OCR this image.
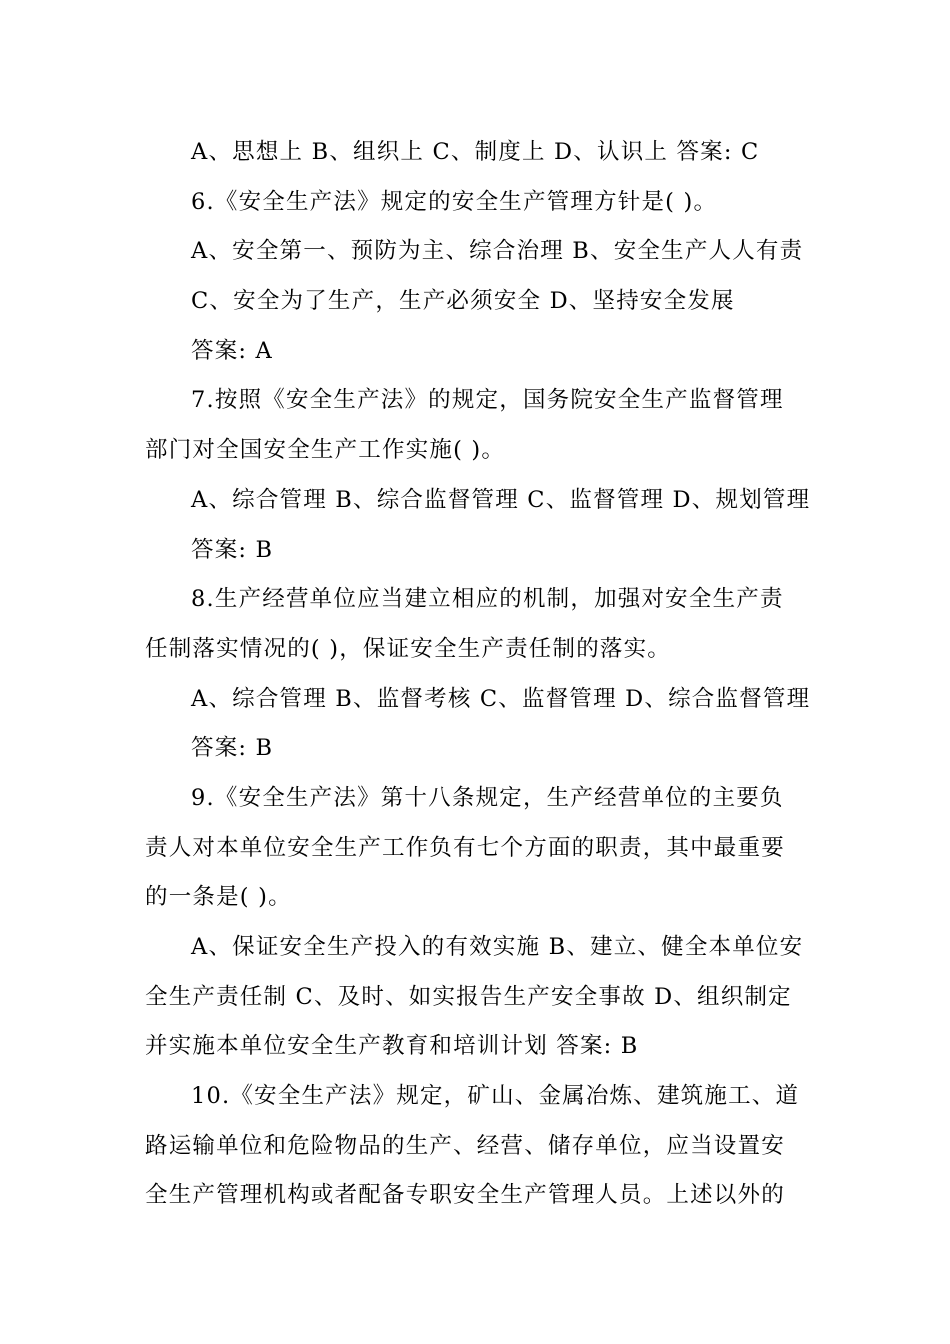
A、思想上 B、组织上 C、制度上 D、认识上 答案: C
6.《安全生产法》规定的安全生产管理方针是( )。
A、安全第一、预防为主、综合治理 B、安全生产人人有责
C、安全为了生产，生产必须安全 D、坚持安全发展
答案: A
7.按照《安全生产法》的规定，国务院安全生产监督管理
部门对全国安全生产工作实施( )。
A、综合管理 B、综合监督管理 C、监督管理 D、规划管理
答案: B
8.生产经营单位应当建立相应的机制，加强对安全生产责
任制落实情况的( )，保证安全生产责任制的落实。
A、综合管理 B、监督考核 C、监督管理 D、综合监督管理
答案: B
9.《安全生产法》第十八条规定，生产经营单位的主要负
责人对本单位安全生产工作负有七个方面的职责，其中最重要
的一条是( )。
A、保证安全生产投入的有效实施 B、建立、健全本单位安
全生产责任制 C、及时、如实报告生产安全事故 D、组织制定
并实施本单位安全生产教育和培训计划 答案: B
10.《安全生产法》规定，矿山、金属冶炼、建筑施工、道
路运输单位和危险物品的生产、经营、储存单位，应当设置安
全生产管理机构或者配备专职安全生产管理人员。上述以外的
